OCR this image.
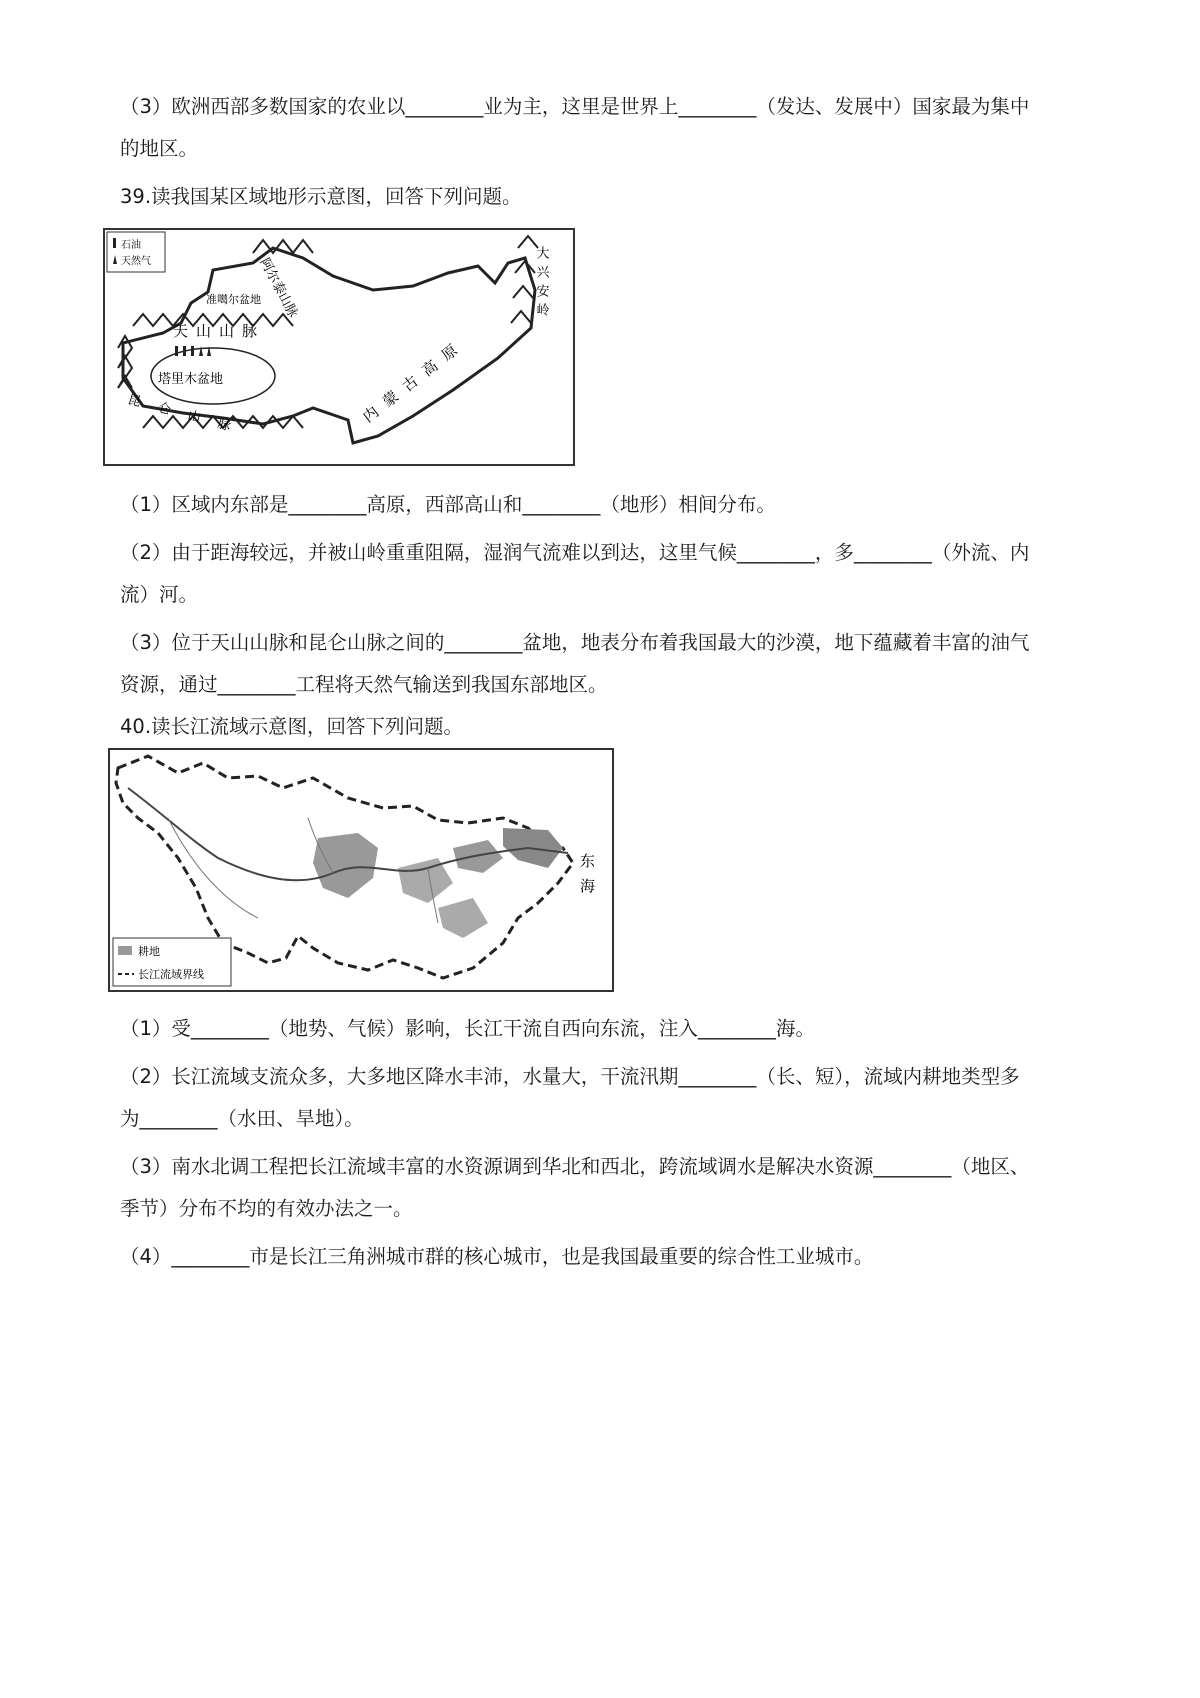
（3）欧洲西部多数国家的农业以________业为主，这里是世界上________（发达、发展中）国家最为集中
的地区。
39.读我国某区域地形示意图，回答下列问题。
石油
天然气	阿尔泰山脉
准噶尔盆地
天山山脉
塔里木盆地
昆仑山脉	内蒙古高原
大兴安岭
（1）区域内东部是________高原，西部高山和________（地形）相间分布。
（2）由于距海较远，并被山岭重重阻隔，湿润气流难以到达，这里气候________，多________（外流、内
流）河。
（3）位于天山山脉和昆仑山脉之间的________盆地，地表分布着我国最大的沙漠，地下蕴藏着丰富的油气
资源，通过________工程将天然气输送到我国东部地区。
40.读长江流域示意图，回答下列问题。
东
海
耕地
长江流域界线
（1）受________（地势、气候）影响，长江干流自西向东流，注入________海。
（2）长江流域支流众多，大多地区降水丰沛，水量大，干流汛期________（长、短），流域内耕地类型多
为________（水田、旱地）。
（3）南水北调工程把长江流域丰富的水资源调到华北和西北，跨流域调水是解决水资源________（地区、
季节）分布不均的有效办法之一。
（4）________市是长江三角洲城市群的核心城市，也是我国最重要的综合性工业城市。
